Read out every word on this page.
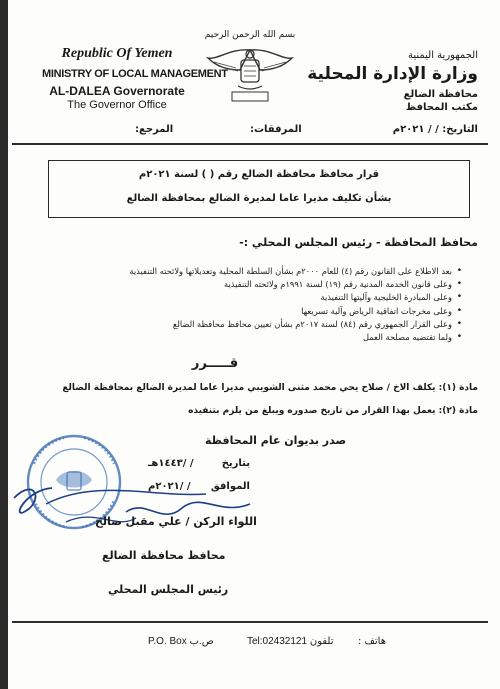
Republic Of Yemen
MINISTRY OF LOCAL MANAGEMENT
AL-DALEA Governorate
The Governor Office
بسم الله الرحمن الرحيم
الجمهورية اليمنية
وزارة الإدارة المحلية
محافظة الضالع
مكتب المحافظ
التاريخ: / / ٢٠٢١م
المرفقات:
المرجع:
قرار محافظ محافظة الضالع رقم ( ) لسنة ٢٠٢١م
بشأن تكليف مديرا عاما لمديرة الضالع بمحافظة الضالع
محافظ المحافظة - رئيس المجلس المحلي :-
• بعد الاطلاع على القانون رقم (٤) للعام ٢٠٠٠م بشأن السلطة المحلية وتعديلاتها ولائحته التنفيذية
• وعلى قانون الخدمة المدنية رقم (١٩) لسنة ١٩٩١م ولائحته التنفيذية
• وعلى المبادرة الخليجية وآليتها التنفيذية
• وعلى مخرجات اتفاقية الرياض وآلية تسريعها
• وعلى القرار الجمهوري رقم (٨٤) لسنة ٢٠١٧م بشأن تعيين محافظ محافظة الضالع
• ولما تقتضيه مصلحة العمل
قـــــرر
مادة (١): يكلف الاخ / صلاح يحي محمد مثنى الشويبي مديرا عاما لمديرة الضالع بمحافظة الضالع
مادة (٢): يعمل بهذا القرار من تاريخ صدوره ويبلغ من يلزم بتنفيذه
صدر بديوان عام المحافظة
بتاريخ
/ /١٤٤٣هـ
الموافق
/ /٢٠٢١م
اللواء الركن / علي مقبل صالح
محافظ محافظة الضالع
رئيس المجلس المحلي
P.O. Box ص.ب	Tel:02432121 تلفون هاتف :
